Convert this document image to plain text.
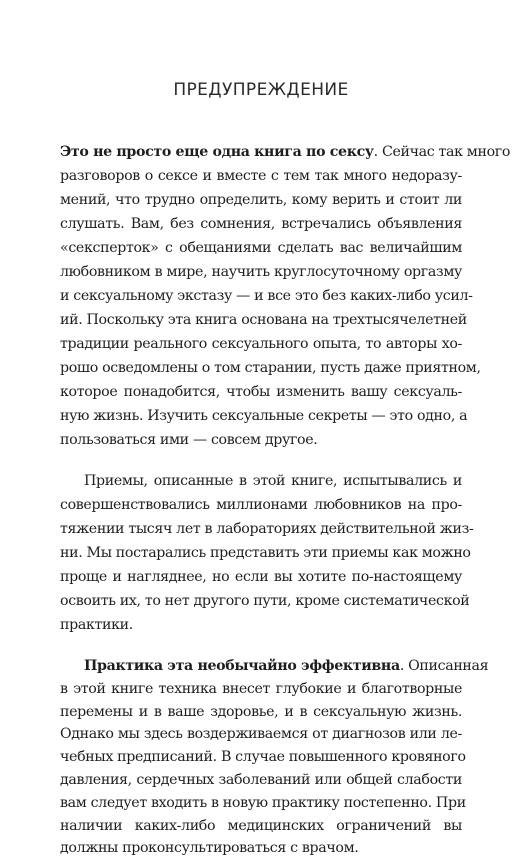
ПРЕДУПРЕЖДЕНИЕ
Это не просто еще одна книга по сексу. Сейчас так много
разговоров о сексе и вместе с тем так много недоразу-
мений, что трудно определить, кому верить и стоит ли
слушать. Вам, без сомнения, встречались объявления
«сексперток» с обещаниями сделать вас величайшим
любовником в мире, научить круглосуточному оргазму
и сексуальному экстазу — и все это без каких-либо усил-
ий. Поскольку эта книга основана на трехтысячелетней
традиции реального сексуального опыта, то авторы хо-
рошо осведомлены о том старании, пусть даже приятном,
которое понадобится, чтобы изменить вашу сексуаль-
ную жизнь. Изучить сексуальные секреты — это одно, а
пользоваться ими — совсем другое.
Приемы, описанные в этой книге, испытывались и
совершенствовались миллионами любовников на про-
тяжении тысяч лет в лабораториях действительной жиз-
ни. Мы постарались представить эти приемы как можно
проще и нагляднее, но если вы хотите по-настоящему
освоить их, то нет другого пути, кроме систематической
практики.
Практика эта необычайно эффективна. Описанная
в этой книге техника внесет глубокие и благотворные
перемены и в ваше здоровье, и в сексуальную жизнь.
Однако мы здесь воздерживаемся от диагнозов или ле-
чебных предписаний. В случае повышенного кровяного
давления, сердечных заболеваний или общей слабости
вам следует входить в новую практику постепенно. При
наличии каких-либо медицинских ограничений вы
должны проконсультироваться с врачом.
